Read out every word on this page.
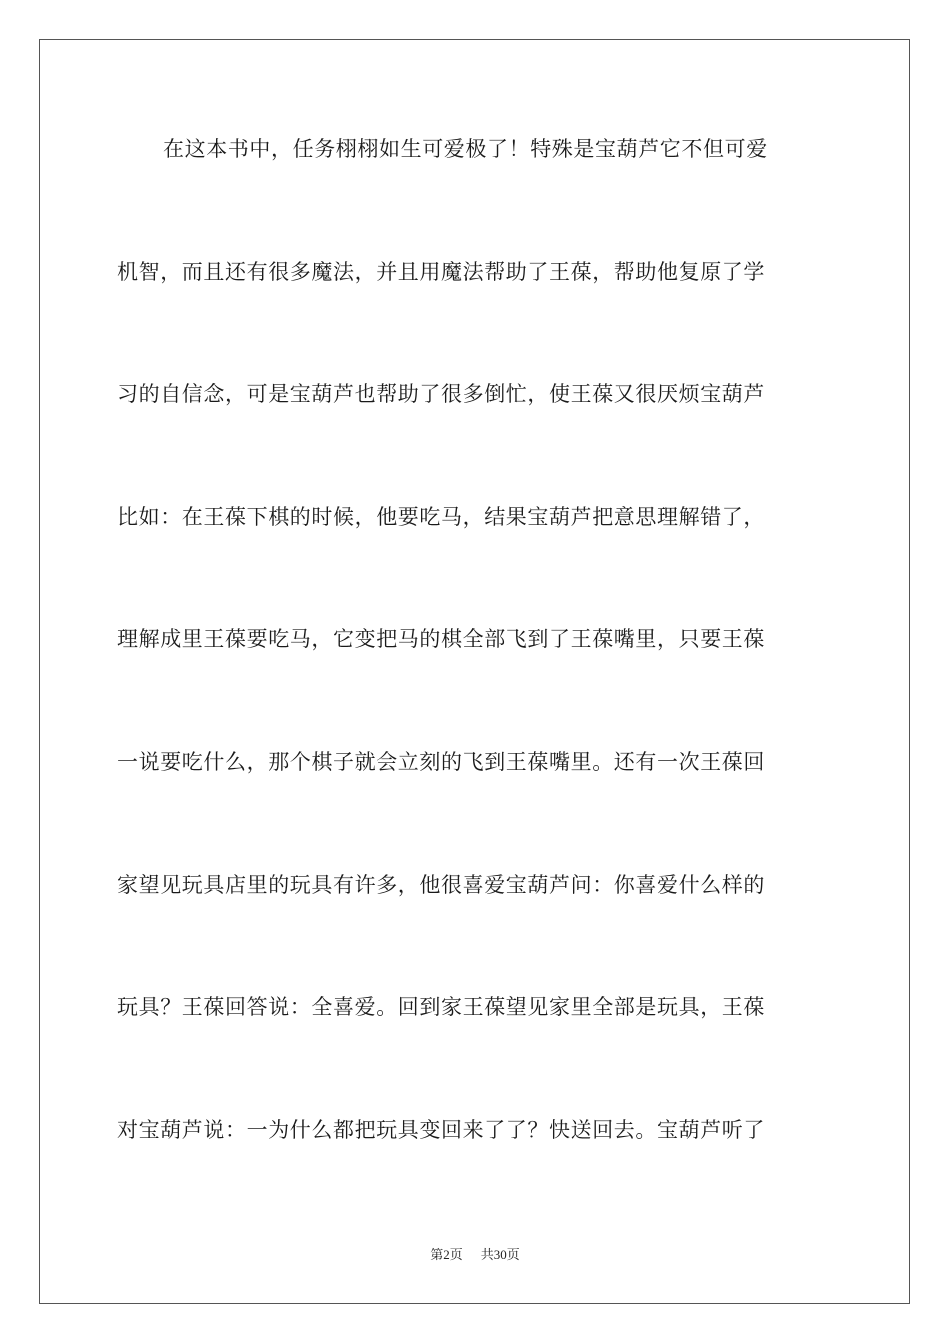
在这本书中，任务栩栩如生可爱极了！特殊是宝葫芦它不但可爱

机智，而且还有很多魔法，并且用魔法帮助了王葆，帮助他复原了学

习的自信念，可是宝葫芦也帮助了很多倒忙，使王葆又很厌烦宝葫芦

比如：在王葆下棋的时候，他要吃马，结果宝葫芦把意思理解错了，

理解成里王葆要吃马，它变把马的棋全部飞到了王葆嘴里，只要王葆

一说要吃什么，那个棋子就会立刻的飞到王葆嘴里。还有一次王葆回

家望见玩具店里的玩具有许多，他很喜爱宝葫芦问：你喜爱什么样的

玩具？王葆回答说：全喜爱。回到家王葆望见家里全部是玩具，王葆

对宝葫芦说：一为什么都把玩具变回来了了？快送回去。宝葫芦听了

第2页 共30页
